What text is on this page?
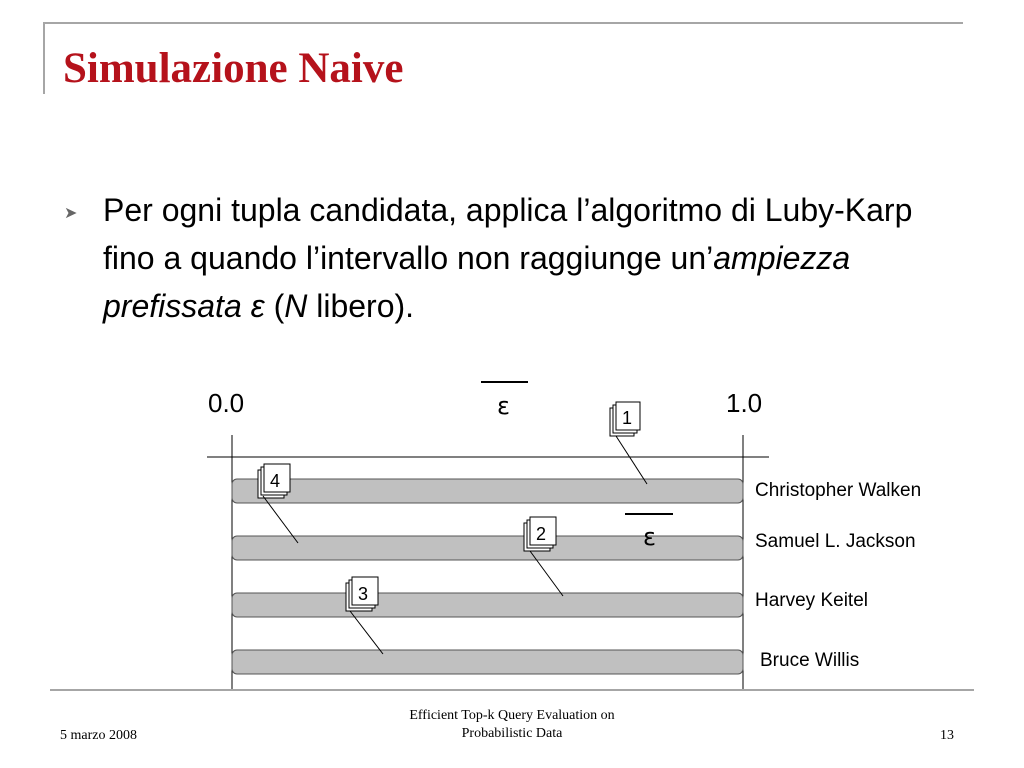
Simulazione Naive
➤ Per ogni tupla candidata, applica l’algoritmo di Luby-Karp fino a quando l’intervallo non raggiunge un’ampiezza prefissata ε (N libero).

0.0	1.0
ε
Christopher Walken
Samuel L. Jackson
Harvey Keitel
Bruce Willis
ε
1
2
3
4
5 marzo 2008
Efficient Top-k Query Evaluation on
Probabilistic Data	13
